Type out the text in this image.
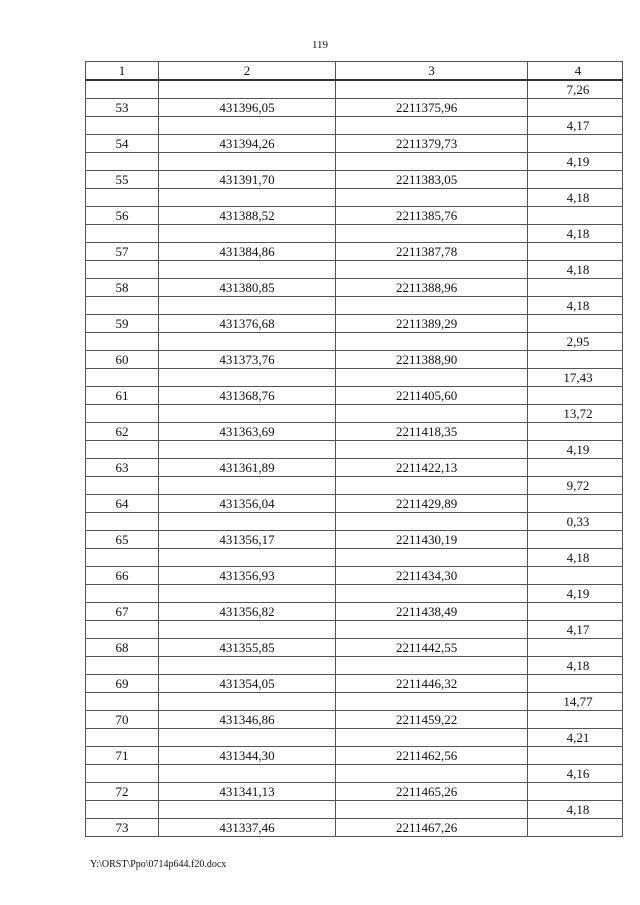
119
1	2	3	4
			7,26
53	431396,05	2211375,96	
			4,17
54	431394,26	2211379,73	
			4,19
55	431391,70	2211383,05	
			4,18
56	431388,52	2211385,76	
			4,18
57	431384,86	2211387,78	
			4,18
58	431380,85	2211388,96	
			4,18
59	431376,68	2211389,29	
			2,95
60	431373,76	2211388,90	
			17,43
61	431368,76	2211405,60	
			13,72
62	431363,69	2211418,35	
			4,19
63	431361,89	2211422,13	
			9,72
64	431356,04	2211429,89	
			0,33
65	431356,17	2211430,19	
			4,18
66	431356,93	2211434,30	
			4,19
67	431356,82	2211438,49	
			4,17
68	431355,85	2211442,55	
			4,18
69	431354,05	2211446,32	
			14,77
70	431346,86	2211459,22	
			4,21
71	431344,30	2211462,56	
			4,16
72	431341,13	2211465,26	
			4,18
73	431337,46	2211467,26	
Y:\ORST\Ppo\0714p644.f20.docx
